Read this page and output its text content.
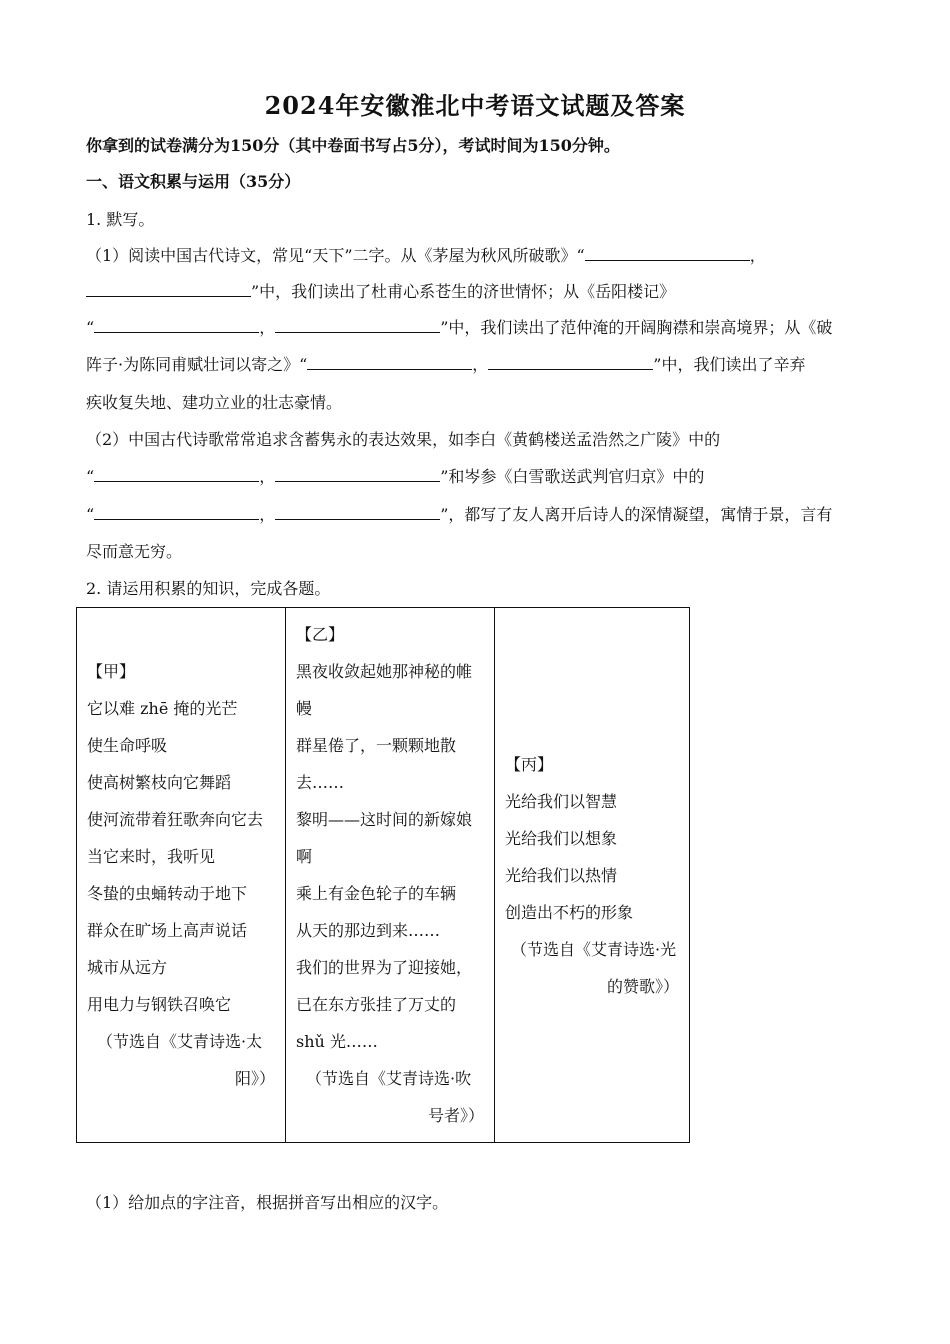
2024年安徽淮北中考语文试题及答案
你拿到的试卷满分为150分（其中卷面书写占5分），考试时间为150分钟。
一、语文积累与运用（35分）
1. 默写。
（1）阅读中国古代诗文，常见“天下”二字。从《茅屋为秋风所破歌》“	，
”中，我们读出了杜甫心系苍生的济世情怀；从《岳阳楼记》
“	，	”中，我们读出了范仲淹的开阔胸襟和崇高境界；从《破
阵子·为陈同甫赋壮词以寄之》“	，	”中，我们读出了辛弃
疾收复失地、建功立业的壮志豪情。
（2）中国古代诗歌常常追求含蓄隽永的表达效果，如李白《黄鹤楼送孟浩然之广陵》中的
“	，	”和岑参《白雪歌送武判官归京》中的
“	，	”，都写了友人离开后诗人的深情凝望，寓情于景，言有
尽而意无穷。
2. 请运用积累的知识，完成各题。
【甲】
它以难 zhē 掩的光芒
使生命呼吸
使高树繁枝向它舞蹈
使河流带着狂歌奔向它去
当它来时，我听见
冬蛰的虫蛹转动于地下
群众在旷场上高声说话
城市从远方
用电力与钢铁召唤它
（节选自《艾青诗选·太
阳》）

【乙】
黑夜收敛起她那神秘的帷
幔
群星倦了，一颗颗地散
去……
黎明——这时间的新嫁娘
啊
乘上有金色轮子的车辆
从天的那边到来……
我们的世界为了迎接她，
已在东方张挂了万丈的
shǔ 光……
（节选自《艾青诗选·吹
号者》）

【丙】
光给我们以智慧
光给我们以想象
光给我们以热情
创造出不朽的形象
（节选自《艾青诗选·光
的赞歌》）
（1）给加点的字注音，根据拼音写出相应的汉字。
